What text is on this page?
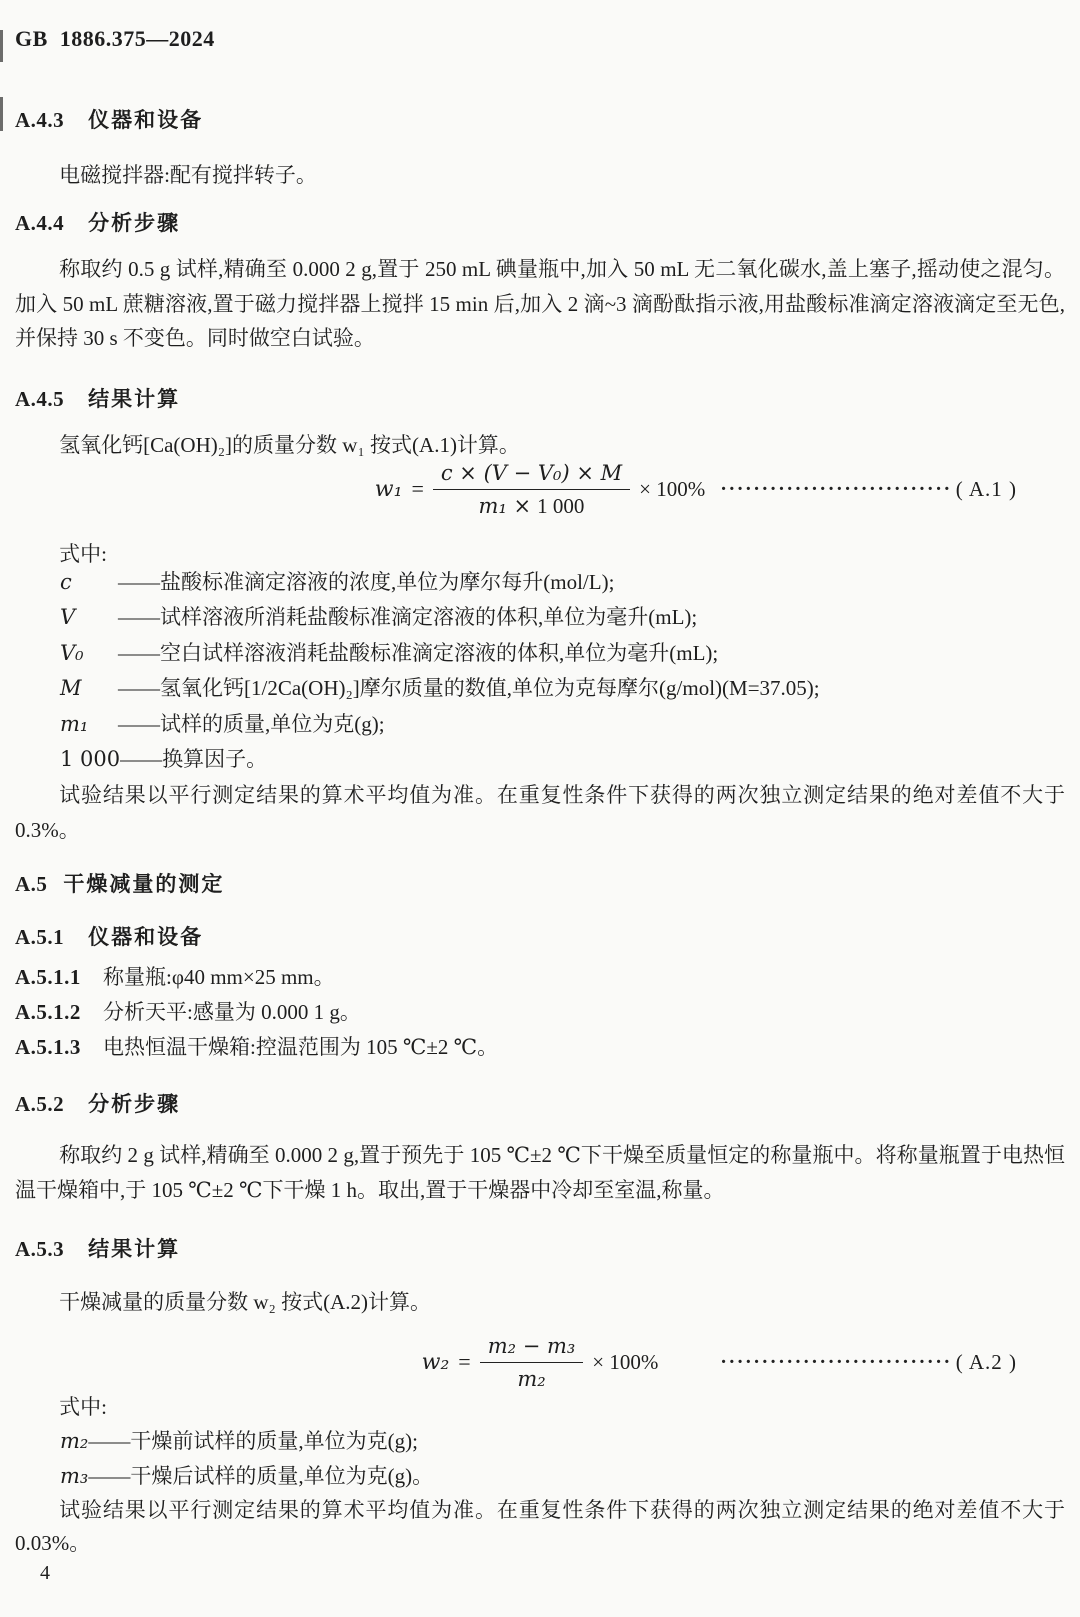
GB 1886.375—2024
A.4.3 仪器和设备
电磁搅拌器:配有搅拌转子。
A.4.4 分析步骤
称取约 0.5 g 试样,精确至 0.000 2 g,置于 250 mL 碘量瓶中,加入 50 mL 无二氧化碳水,盖上塞子,摇动使之混匀。加入 50 mL 蔗糖溶液,置于磁力搅拌器上搅拌 15 min 后,加入 2 滴~3 滴酚酞指示液,用盐酸标准滴定溶液滴定至无色,并保持 30 s 不变色。同时做空白试验。
A.4.5 结果计算
氢氧化钙[Ca(OH)₂]的质量分数 w₁ 按式(A.1)计算。
$w_1 = \frac{\text{c × (V − V₀) × M}}{\text{m₁ × 1 000}} \times 100\%$ ···························· ( A.1 )
式中:
c	——盐酸标准滴定溶液的浓度,单位为摩尔每升(mol/L);
V	——试样溶液所消耗盐酸标准滴定溶液的体积,单位为毫升(mL);
V₀	——空白试样溶液消耗盐酸标准滴定溶液的体积,单位为毫升(mL);
M	——氢氧化钙[1/2Ca(OH)₂]摩尔质量的数值,单位为克每摩尔(g/mol)(M=37.05);
m₁	——试样的质量,单位为克(g);
1 000 ——换算因子。
试验结果以平行测定结果的算术平均值为准。在重复性条件下获得的两次独立测定结果的绝对差值不大于 0.3%。
A.5 干燥减量的测定
A.5.1 仪器和设备
A.5.1.1	称量瓶:φ40 mm×25 mm。
A.5.1.2	分析天平:感量为 0.000 1 g。
A.5.1.3	电热恒温干燥箱:控温范围为 105 ℃±2 ℃。
A.5.2 分析步骤
称取约 2 g 试样,精确至 0.000 2 g,置于预先于 105 ℃±2 ℃下干燥至质量恒定的称量瓶中。将称量瓶置于电热恒温干燥箱中,于 105 ℃±2 ℃下干燥 1 h。取出,置于干燥器中冷却至室温,称量。
A.5.3 结果计算
干燥减量的质量分数 w₂ 按式(A.2)计算。
$w_2 = \frac{\text{m₂ − m₃}}{\text{m₂}} \times 100\%$	···························· ( A.2 )
式中:
m₂ ——干燥前试样的质量,单位为克(g);
m₃ ——干燥后试样的质量,单位为克(g)。
试验结果以平行测定结果的算术平均值为准。在重复性条件下获得的两次独立测定结果的绝对差值不大于 0.03%。
4
